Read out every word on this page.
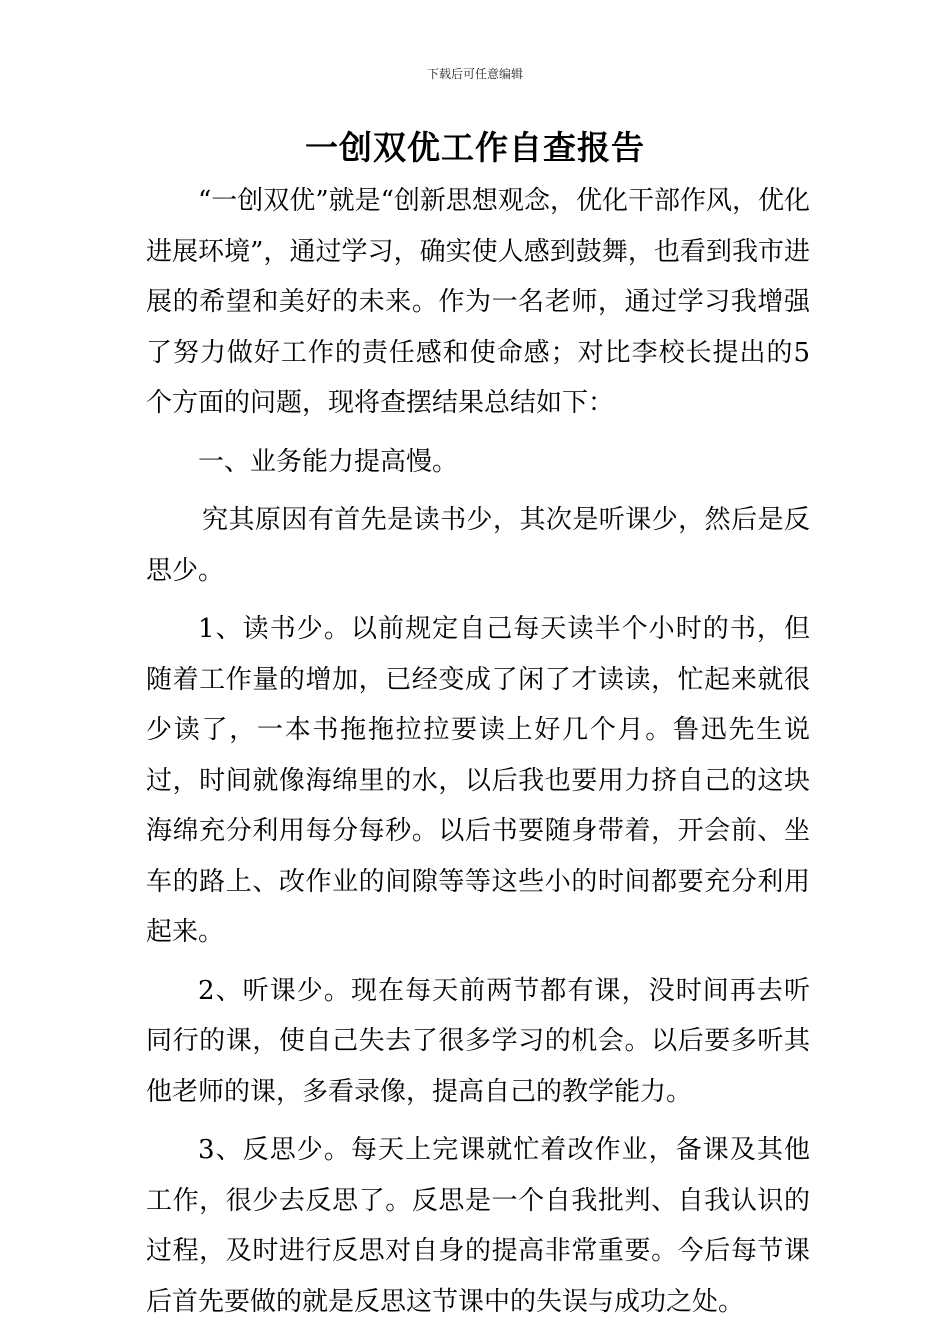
下载后可任意编辑
一创双优工作自查报告

“一创双优”就是“创新思想观念，优化干部作风，优化进展环境”，通过学习，确实使人感到鼓舞，也看到我市进展的希望和美好的未来。作为一名老师，通过学习我增强了努力做好工作的责任感和使命感；对比李校长提出的5个方面的问题，现将查摆结果总结如下：

一、业务能力提高慢。

究其原因有首先是读书少，其次是听课少，然后是反思少。

1、读书少。以前规定自己每天读半个小时的书，但随着工作量的增加，已经变成了闲了才读读，忙起来就很少读了，一本书拖拖拉拉要读上好几个月。鲁迅先生说过，时间就像海绵里的水，以后我也要用力挤自己的这块海绵充分利用每分每秒。以后书要随身带着，开会前、坐车的路上、改作业的间隙等等这些小的时间都要充分利用起来。

2、听课少。现在每天前两节都有课，没时间再去听同行的课，使自己失去了很多学习的机会。以后要多听其他老师的课，多看录像，提高自己的教学能力。

3、反思少。每天上完课就忙着改作业，备课及其他工作，很少去反思了。反思是一个自我批判、自我认识的过程，及时进行反思对自身的提高非常重要。今后每节课后首先要做的就是反思这节课中的失误与成功之处。
